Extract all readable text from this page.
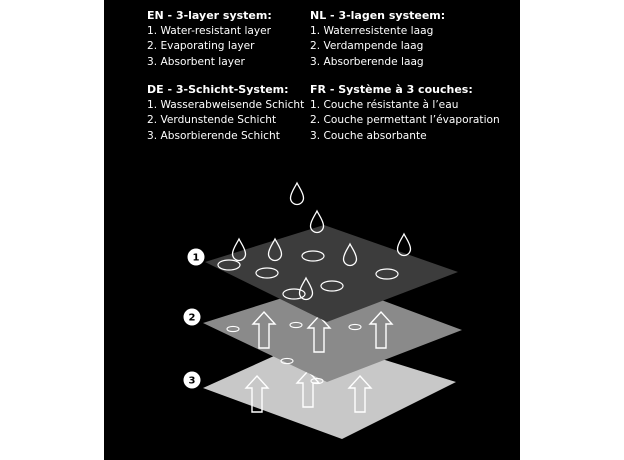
EN - 3-layer system:
1. Water-resistant layer
2. Evaporating layer
3. Absorbent layer
NL - 3-lagen systeem:
1. Waterresistente laag
2. Verdampende laag
3. Absorberende laag
DE - 3-Schicht-System:
1. Wasserabweisende Schicht
2. Verdunstende Schicht
3. Absorbierende Schicht
FR - Système à 3 couches:
1. Couche résistante à l’eau
2. Couche permettant l’évaporation
3. Couche absorbante
3
2
1
